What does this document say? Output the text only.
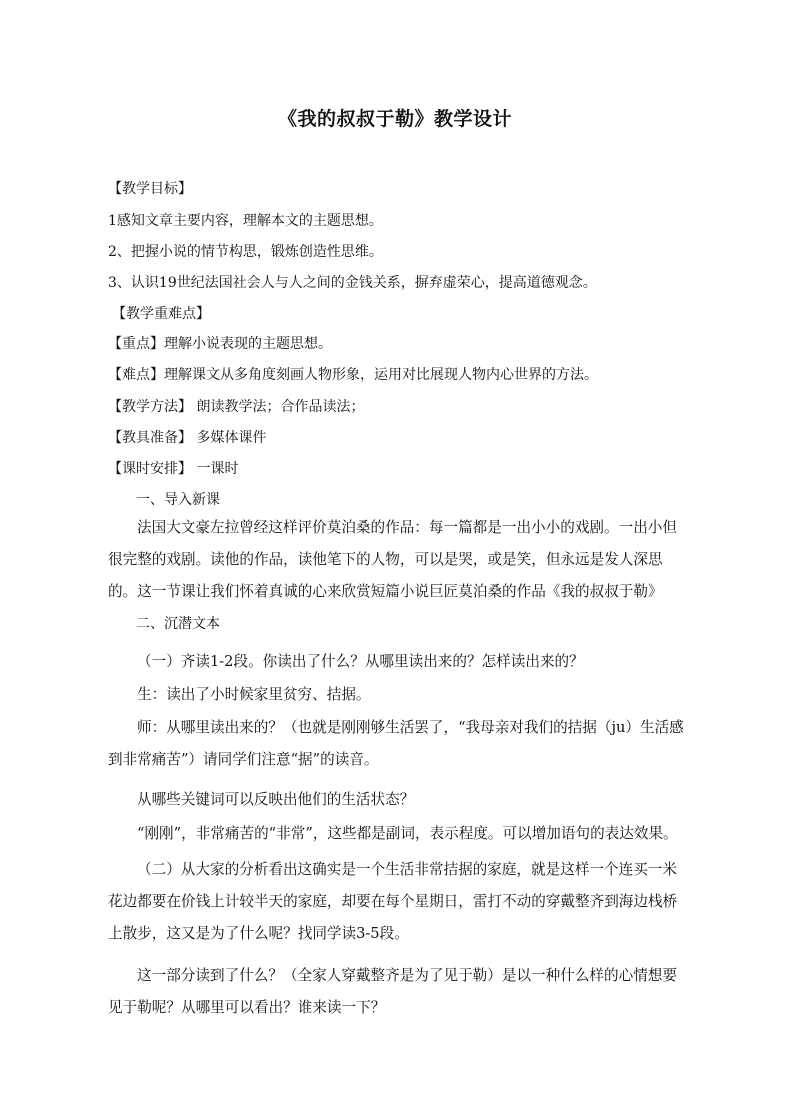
《我的叔叔于勒》教学设计
【教学目标】
1感知文章主要内容，理解本文的主题思想。
2、把握小说的情节构思，锻炼创造性思维。
3、认识19世纪法国社会人与人之间的金钱关系，摒弃虚荣心，提高道德观念。
【教学重难点】
【重点】理解小说表现的主题思想。
【难点】理解课文从多角度刻画人物形象，运用对比展现人物内心世界的方法。
【教学方法】 朗读教学法；合作品读法；
【教具准备】 多媒体课件
【课时安排】 一课时
一、导入新课
法国大文豪左拉曾经这样评价莫泊桑的作品：每一篇都是一出小小的戏剧。一出小但很完整的戏剧。读他的作品，读他笔下的人物，可以是哭，或是笑，但永远是发人深思的。这一节课让我们怀着真诚的心来欣赏短篇小说巨匠莫泊桑的作品《我的叔叔于勒》
二、沉潜文本
（一）齐读1-2段。你读出了什么？从哪里读出来的？怎样读出来的？
生：读出了小时候家里贫穷、拮据。
师：从哪里读出来的？（也就是刚刚够生活罢了，“我母亲对我们的拮据（ju）生活感到非常痛苦”）请同学们注意“据”的读音。
从哪些关键词可以反映出他们的生活状态？
“刚刚”，非常痛苦的“非常”，这些都是副词，表示程度。可以增加语句的表达效果。
（二）从大家的分析看出这确实是一个生活非常拮据的家庭，就是这样一个连买一米花边都要在价钱上计较半天的家庭，却要在每个星期日，雷打不动的穿戴整齐到海边栈桥上散步，这又是为了什么呢？找同学读3-5段。
这一部分读到了什么？（全家人穿戴整齐是为了见于勒）是以一种什么样的心情想要见于勒呢？从哪里可以看出？谁来读一下？
